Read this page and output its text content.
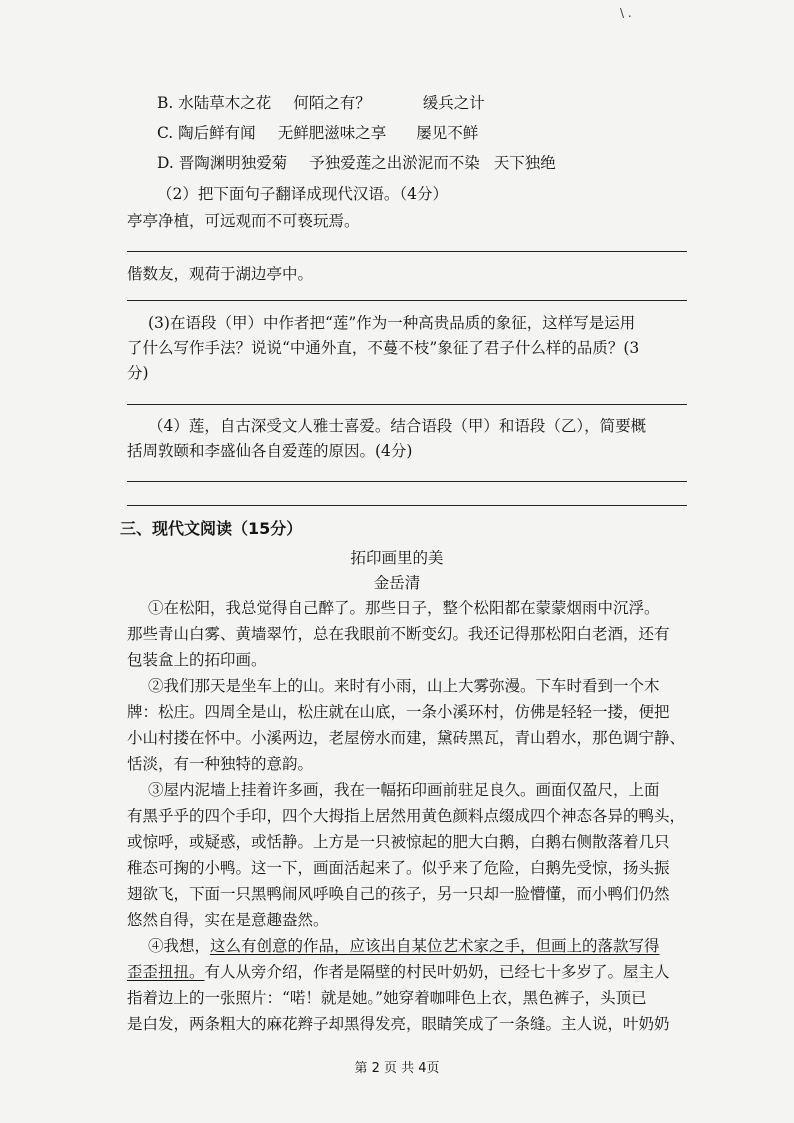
\ .
B. 水陆草木之花 何陌之有？	缓兵之计
C. 陶后鲜有闻 无鲜肥滋味之享 屡见不鲜
D. 晋陶渊明独爱菊 予独爱莲之出淤泥而不染 天下独绝
（2）把下面句子翻译成现代汉语。（4分）
亭亭净植，可远观而不可亵玩焉。
偕数友，观荷于湖边亭中。
(3)在语段（甲）中作者把“莲”作为一种高贵品质的象征，这样写是运用
了什么写作手法？说说“中通外直，不蔓不枝”象征了君子什么样的品质？(3
分)
（4）莲，自古深受文人雅士喜爱。结合语段（甲）和语段（乙），简要概
括周敦颐和李盛仙各自爱莲的原因。(4分)
三、现代文阅读（15分）
拓印画里的美
金岳清
①在松阳，我总觉得自己醉了。那些日子，整个松阳都在蒙蒙烟雨中沉浮。
那些青山白雾、黄墙翠竹，总在我眼前不断变幻。我还记得那松阳白老酒，还有
包装盒上的拓印画。
②我们那天是坐车上的山。来时有小雨，山上大雾弥漫。下车时看到一个木
牌：松庄。四周全是山，松庄就在山底，一条小溪环村，仿佛是轻轻一搂，便把
小山村搂在怀中。小溪两边，老屋傍水而建，黛砖黑瓦，青山碧水，那色调宁静、
恬淡，有一种独特的意韵。
③屋内泥墙上挂着许多画，我在一幅拓印画前驻足良久。画面仅盈尺，上面
有黑乎乎的四个手印，四个大拇指上居然用黄色颜料点缀成四个神态各异的鸭头，
或惊呼，或疑惑，或恬静。上方是一只被惊起的肥大白鹅，白鹅右侧散落着几只
稚态可掬的小鸭。这一下，画面活起来了。似乎来了危险，白鹅先受惊，扬头振
翅欲飞，下面一只黑鸭闹风呼唤自己的孩子，另一只却一脸懵懂，而小鸭们仍然
悠然自得，实在是意趣盎然。
④我想，这么有创意的作品，应该出自某位艺术家之手，但画上的落款写得
歪歪扭扭。有人从旁介绍，作者是隔壁的村民叶奶奶，已经七十多岁了。屋主人
指着边上的一张照片：“喏！就是她。”她穿着咖啡色上衣，黑色裤子，头顶已
是白发，两条粗大的麻花辫子却黑得发亮，眼睛笑成了一条缝。主人说，叶奶奶
第 2 页 共 4页
